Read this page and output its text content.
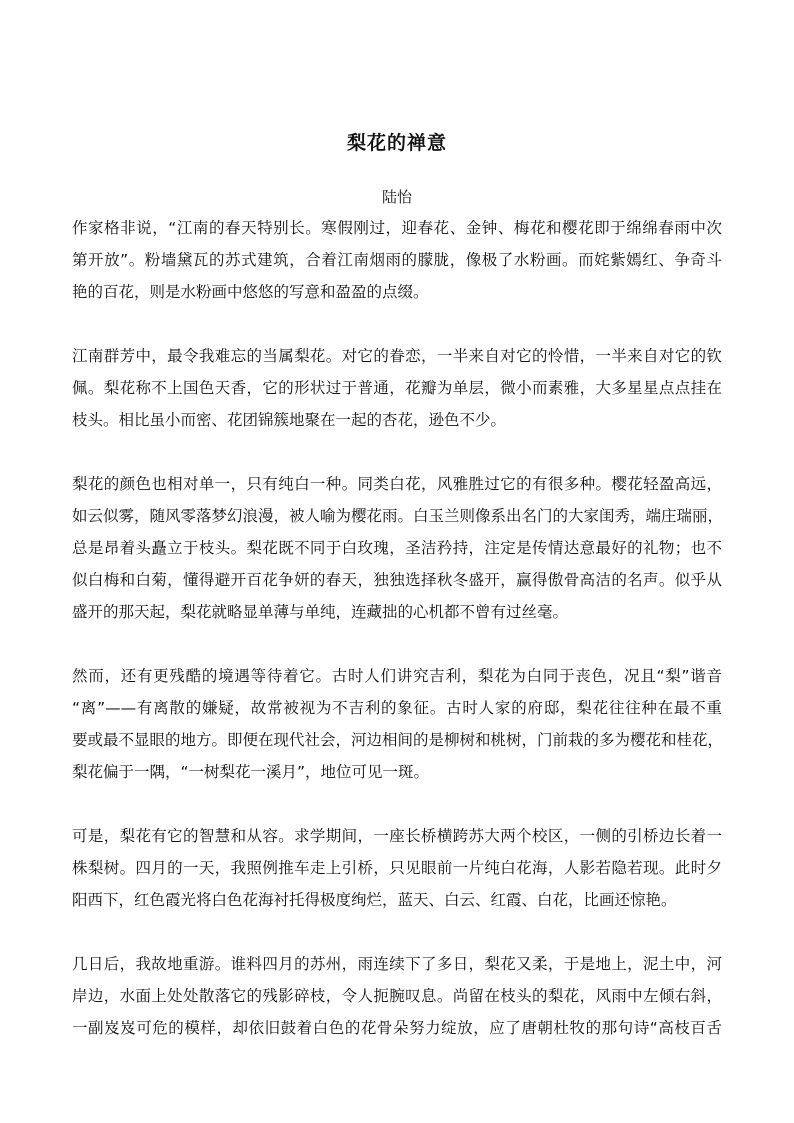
梨花的禅意
陆怡
作家格非说，“江南的春天特别长。寒假刚过，迎春花、金钟、梅花和樱花即于绵绵春雨中次
第开放”。粉墙黛瓦的苏式建筑，合着江南烟雨的朦胧，像极了水粉画。而姹紫嫣红、争奇斗
艳的百花，则是水粉画中悠悠的写意和盈盈的点缀。
江南群芳中，最令我难忘的当属梨花。对它的眷恋，一半来自对它的怜惜，一半来自对它的钦
佩。梨花称不上国色天香，它的形状过于普通，花瓣为单层，微小而素雅，大多星星点点挂在
枝头。相比虽小而密、花团锦簇地聚在一起的杏花，逊色不少。
梨花的颜色也相对单一，只有纯白一种。同类白花，风雅胜过它的有很多种。樱花轻盈高远，
如云似雾，随风零落梦幻浪漫，被人喻为樱花雨。白玉兰则像系出名门的大家闺秀，端庄瑞丽，
总是昂着头矗立于枝头。梨花既不同于白玫瑰，圣洁矜持，注定是传情达意最好的礼物；也不
似白梅和白菊，懂得避开百花争妍的春天，独独选择秋冬盛开，赢得傲骨高洁的名声。似乎从
盛开的那天起，梨花就略显单薄与单纯，连藏拙的心机都不曾有过丝毫。
然而，还有更残酷的境遇等待着它。古时人们讲究吉利，梨花为白同于丧色，况且“梨”谐音
“离”——有离散的嫌疑，故常被视为不吉利的象征。古时人家的府邸，梨花往往种在最不重
要或最不显眼的地方。即便在现代社会，河边相间的是柳树和桃树，门前栽的多为樱花和桂花，
梨花偏于一隅，“一树梨花一溪月”，地位可见一斑。
可是，梨花有它的智慧和从容。求学期间，一座长桥横跨苏大两个校区，一侧的引桥边长着一
株梨树。四月的一天，我照例推车走上引桥，只见眼前一片纯白花海，人影若隐若现。此时夕
阳西下，红色霞光将白色花海衬托得极度绚烂，蓝天、白云、红霞、白花，比画还惊艳。
几日后，我故地重游。谁料四月的苏州，雨连续下了多日，梨花又柔，于是地上，泥土中，河
岸边，水面上处处散落它的残影碎枝，令人扼腕叹息。尚留在枝头的梨花，风雨中左倾右斜，
一副岌岌可危的模样，却依旧鼓着白色的花骨朵努力绽放，应了唐朝杜牧的那句诗“高枝百舌
